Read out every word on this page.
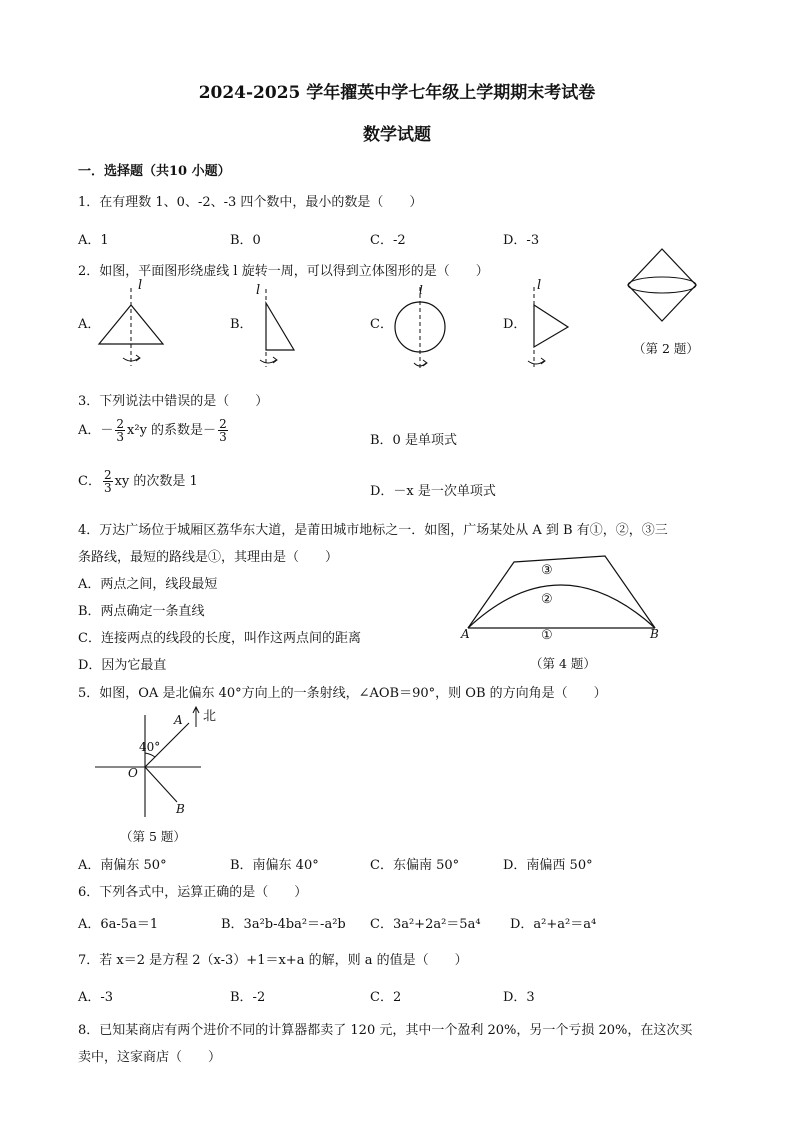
2024-2025 学年擢英中学七年级上学期期末考试卷
数学试题
一．选择题（共10 小题）
1．在有理数 1、0、-2、-3 四个数中，最小的数是（　　）
A．1	B．0	C．-2	D．-3
2．如图，平面图形绕虚线 l 旋转一周，可以得到立体图形的是（　　）
A．	B．	C．	D．
l	l	l	l
（第 2 题）
3．下列说法中错误的是（　　）
A．－ $\frac{2}{3} x^2y$ 的系数是－ $\frac{2}{3}$	B．0 是单项式
C． $\frac{2}{3}$ xy 的次数是 1
D．－x 是一次单项式
4．万达广场位于城厢区荔华东大道，是莆田城市地标之一．如图，广场某处从 A 到 B 有①，②，③三
条路线，最短的路线是①，其理由是（　　）
A．两点之间，线段最短
B．两点确定一条直线
C．连接两点的线段的长度，叫作这两点间的距离
D．因为它最直
A	B
①
②
③
（第 4 题）
5．如图，OA 是北偏东 40°方向上的一条射线，∠AOB＝90°，则 OB 的方向角是（　　）
北
40°
O
A
B
（第 5 题）
A．南偏东 50°	B．南偏东 40°	C．东偏南 50°	D．南偏西 50°
6．下列各式中，运算正确的是（　　）
A．6a-5a＝1	B．3a²b-4ba²＝-a²b C．3a²+2a²＝5a⁴ D．a²+a²＝a⁴
7．若 x＝2 是方程 2（x-3）+1＝x+a 的解，则 a 的值是（　　）
A．-3	B．-2	C．2	D．3
8．已知某商店有两个进价不同的计算器都卖了 120 元，其中一个盈利 20%，另一个亏损 20%，在这次买
卖中，这家商店（　　）
